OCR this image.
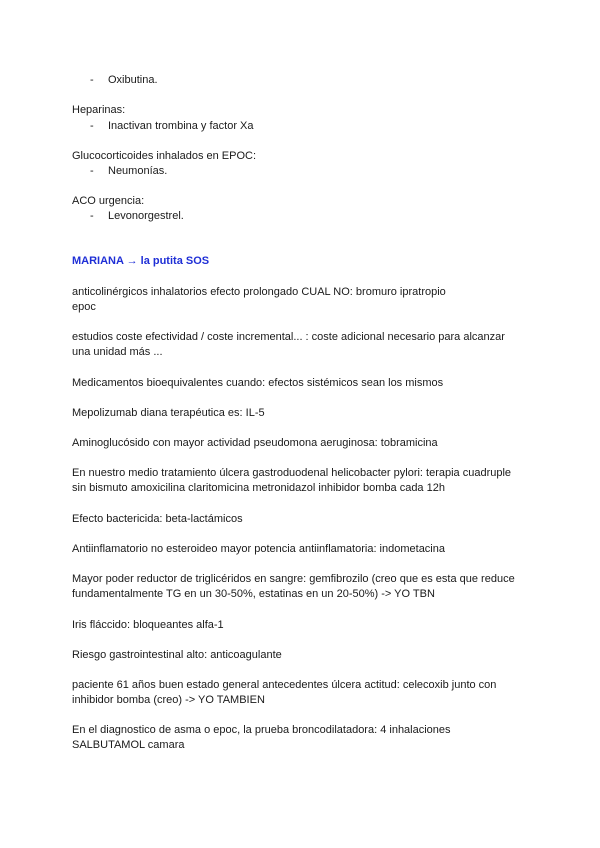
- Oxibutina.
Heparinas:
- Inactivan trombina y factor Xa
Glucocorticoides inhalados en EPOC:
- Neumonías.
ACO urgencia:
- Levonorgestrel.
MARIANA → la putita SOS
anticolinérgicos inhalatorios efecto prolongado CUAL NO: bromuro ipratropio
epoc
estudios coste efectividad / coste incremental... : coste adicional necesario para alcanzar
una unidad más ...
Medicamentos bioequivalentes cuando: efectos sistémicos sean los mismos
Mepolizumab diana terapéutica es: IL-5
Aminoglucósido con mayor actividad pseudomona aeruginosa: tobramicina
En nuestro medio tratamiento úlcera gastroduodenal helicobacter pylori: terapia cuadruple
sin bismuto amoxicilina claritomicina metronidazol inhibidor bomba cada 12h
Efecto bactericida: beta-lactámicos
Antiinflamatorio no esteroideo mayor potencia antiinflamatoria: indometacina
Mayor poder reductor de triglicéridos en sangre: gemfibrozilo (creo que es esta que reduce
fundamentalmente TG en un 30-50%, estatinas en un 20-50%) -> YO TBN
Iris fláccido: bloqueantes alfa-1
Riesgo gastrointestinal alto: anticoagulante
paciente 61 años buen estado general antecedentes úlcera actitud: celecoxib junto con
inhibidor bomba (creo) -> YO TAMBIEN
En el diagnostico de asma o epoc, la prueba broncodilatadora: 4 inhalaciones
SALBUTAMOL camara
